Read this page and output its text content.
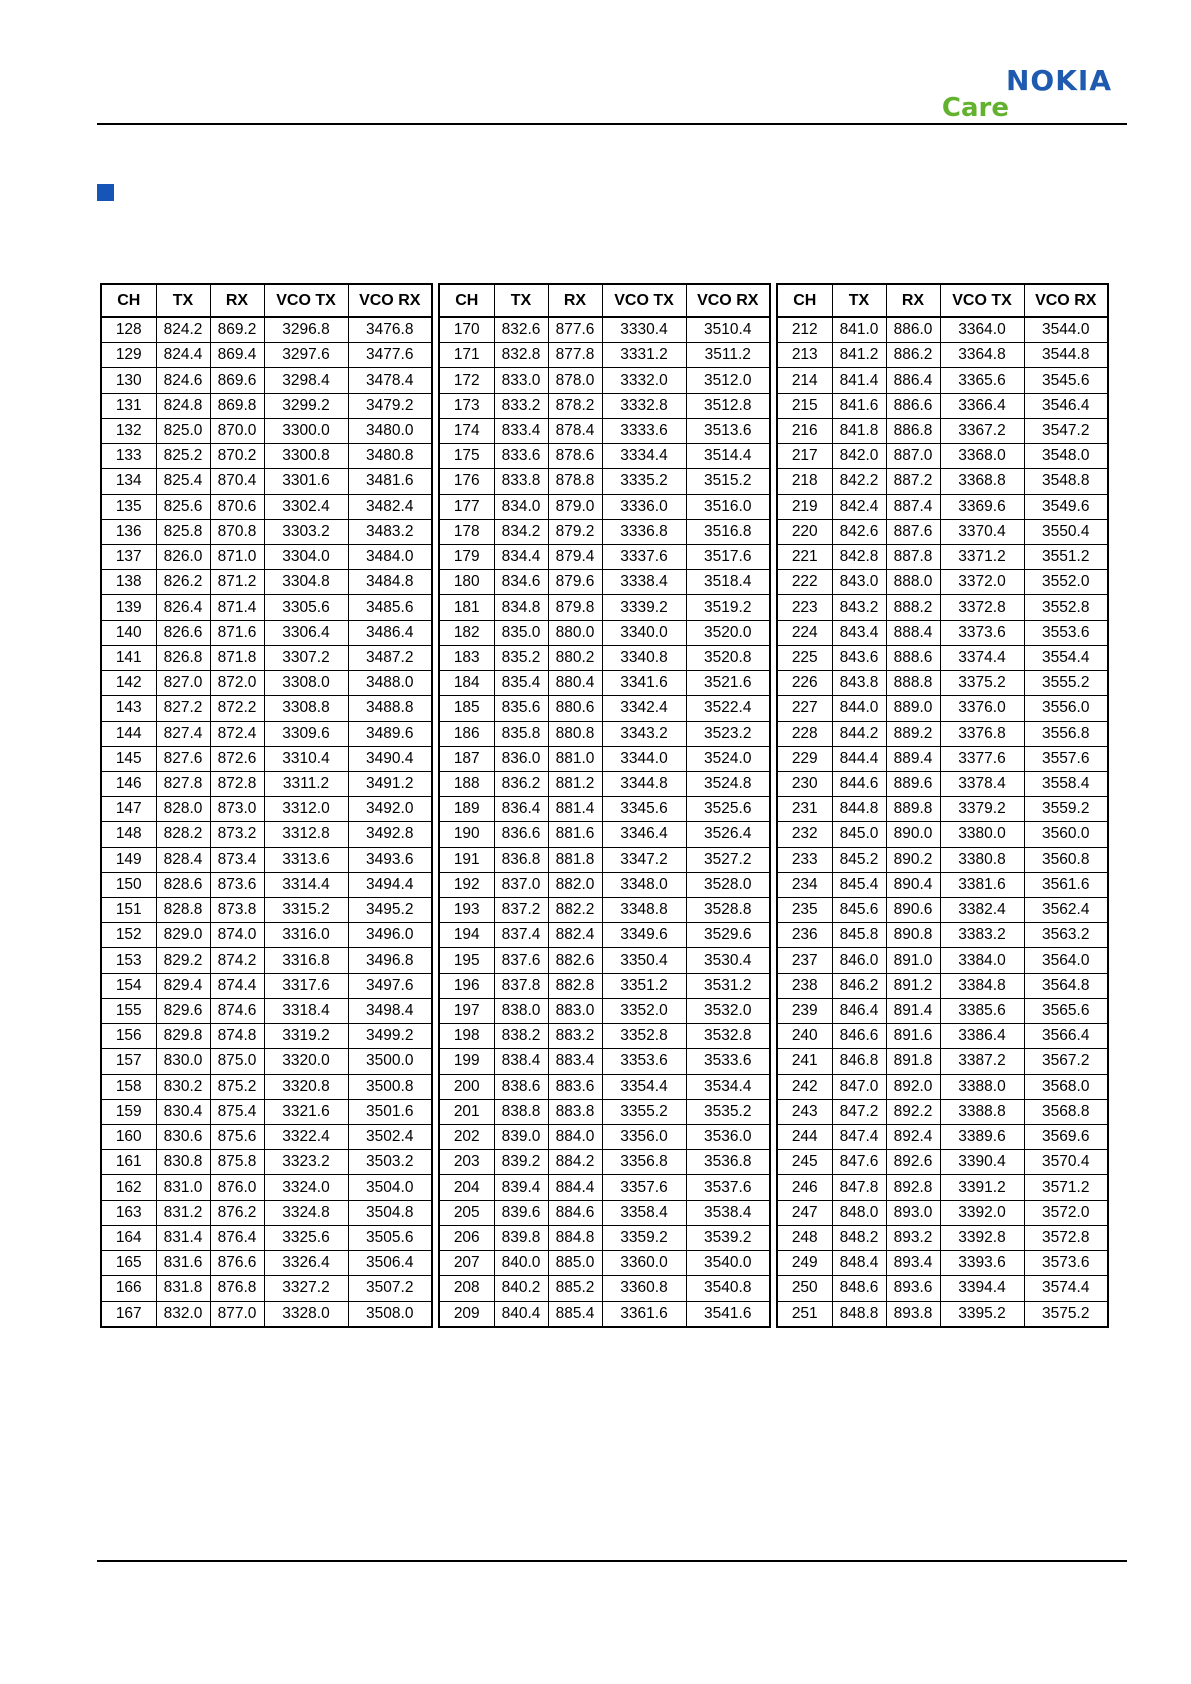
NOKIA
Care
CH	TX	RX	VCO TX	VCO RX
128	824.2	869.2	3296.8	3476.8
129	824.4	869.4	3297.6	3477.6
130	824.6	869.6	3298.4	3478.4
131	824.8	869.8	3299.2	3479.2
132	825.0	870.0	3300.0	3480.0
133	825.2	870.2	3300.8	3480.8
134	825.4	870.4	3301.6	3481.6
135	825.6	870.6	3302.4	3482.4
136	825.8	870.8	3303.2	3483.2
137	826.0	871.0	3304.0	3484.0
138	826.2	871.2	3304.8	3484.8
139	826.4	871.4	3305.6	3485.6
140	826.6	871.6	3306.4	3486.4
141	826.8	871.8	3307.2	3487.2
142	827.0	872.0	3308.0	3488.0
143	827.2	872.2	3308.8	3488.8
144	827.4	872.4	3309.6	3489.6
145	827.6	872.6	3310.4	3490.4
146	827.8	872.8	3311.2	3491.2
147	828.0	873.0	3312.0	3492.0
148	828.2	873.2	3312.8	3492.8
149	828.4	873.4	3313.6	3493.6
150	828.6	873.6	3314.4	3494.4
151	828.8	873.8	3315.2	3495.2
152	829.0	874.0	3316.0	3496.0
153	829.2	874.2	3316.8	3496.8
154	829.4	874.4	3317.6	3497.6
155	829.6	874.6	3318.4	3498.4
156	829.8	874.8	3319.2	3499.2
157	830.0	875.0	3320.0	3500.0
158	830.2	875.2	3320.8	3500.8
159	830.4	875.4	3321.6	3501.6
160	830.6	875.6	3322.4	3502.4
161	830.8	875.8	3323.2	3503.2
162	831.0	876.0	3324.0	3504.0
163	831.2	876.2	3324.8	3504.8
164	831.4	876.4	3325.6	3505.6
165	831.6	876.6	3326.4	3506.4
166	831.8	876.8	3327.2	3507.2
167	832.0	877.0	3328.0	3508.0
CH	TX	RX	VCO TX	VCO RX
170	832.6	877.6	3330.4	3510.4
171	832.8	877.8	3331.2	3511.2
172	833.0	878.0	3332.0	3512.0
173	833.2	878.2	3332.8	3512.8
174	833.4	878.4	3333.6	3513.6
175	833.6	878.6	3334.4	3514.4
176	833.8	878.8	3335.2	3515.2
177	834.0	879.0	3336.0	3516.0
178	834.2	879.2	3336.8	3516.8
179	834.4	879.4	3337.6	3517.6
180	834.6	879.6	3338.4	3518.4
181	834.8	879.8	3339.2	3519.2
182	835.0	880.0	3340.0	3520.0
183	835.2	880.2	3340.8	3520.8
184	835.4	880.4	3341.6	3521.6
185	835.6	880.6	3342.4	3522.4
186	835.8	880.8	3343.2	3523.2
187	836.0	881.0	3344.0	3524.0
188	836.2	881.2	3344.8	3524.8
189	836.4	881.4	3345.6	3525.6
190	836.6	881.6	3346.4	3526.4
191	836.8	881.8	3347.2	3527.2
192	837.0	882.0	3348.0	3528.0
193	837.2	882.2	3348.8	3528.8
194	837.4	882.4	3349.6	3529.6
195	837.6	882.6	3350.4	3530.4
196	837.8	882.8	3351.2	3531.2
197	838.0	883.0	3352.0	3532.0
198	838.2	883.2	3352.8	3532.8
199	838.4	883.4	3353.6	3533.6
200	838.6	883.6	3354.4	3534.4
201	838.8	883.8	3355.2	3535.2
202	839.0	884.0	3356.0	3536.0
203	839.2	884.2	3356.8	3536.8
204	839.4	884.4	3357.6	3537.6
205	839.6	884.6	3358.4	3538.4
206	839.8	884.8	3359.2	3539.2
207	840.0	885.0	3360.0	3540.0
208	840.2	885.2	3360.8	3540.8
209	840.4	885.4	3361.6	3541.6
CH	TX	RX	VCO TX	VCO RX
212	841.0	886.0	3364.0	3544.0
213	841.2	886.2	3364.8	3544.8
214	841.4	886.4	3365.6	3545.6
215	841.6	886.6	3366.4	3546.4
216	841.8	886.8	3367.2	3547.2
217	842.0	887.0	3368.0	3548.0
218	842.2	887.2	3368.8	3548.8
219	842.4	887.4	3369.6	3549.6
220	842.6	887.6	3370.4	3550.4
221	842.8	887.8	3371.2	3551.2
222	843.0	888.0	3372.0	3552.0
223	843.2	888.2	3372.8	3552.8
224	843.4	888.4	3373.6	3553.6
225	843.6	888.6	3374.4	3554.4
226	843.8	888.8	3375.2	3555.2
227	844.0	889.0	3376.0	3556.0
228	844.2	889.2	3376.8	3556.8
229	844.4	889.4	3377.6	3557.6
230	844.6	889.6	3378.4	3558.4
231	844.8	889.8	3379.2	3559.2
232	845.0	890.0	3380.0	3560.0
233	845.2	890.2	3380.8	3560.8
234	845.4	890.4	3381.6	3561.6
235	845.6	890.6	3382.4	3562.4
236	845.8	890.8	3383.2	3563.2
237	846.0	891.0	3384.0	3564.0
238	846.2	891.2	3384.8	3564.8
239	846.4	891.4	3385.6	3565.6
240	846.6	891.6	3386.4	3566.4
241	846.8	891.8	3387.2	3567.2
242	847.0	892.0	3388.0	3568.0
243	847.2	892.2	3388.8	3568.8
244	847.4	892.4	3389.6	3569.6
245	847.6	892.6	3390.4	3570.4
246	847.8	892.8	3391.2	3571.2
247	848.0	893.0	3392.0	3572.0
248	848.2	893.2	3392.8	3572.8
249	848.4	893.4	3393.6	3573.6
250	848.6	893.6	3394.4	3574.4
251	848.8	893.8	3395.2	3575.2
